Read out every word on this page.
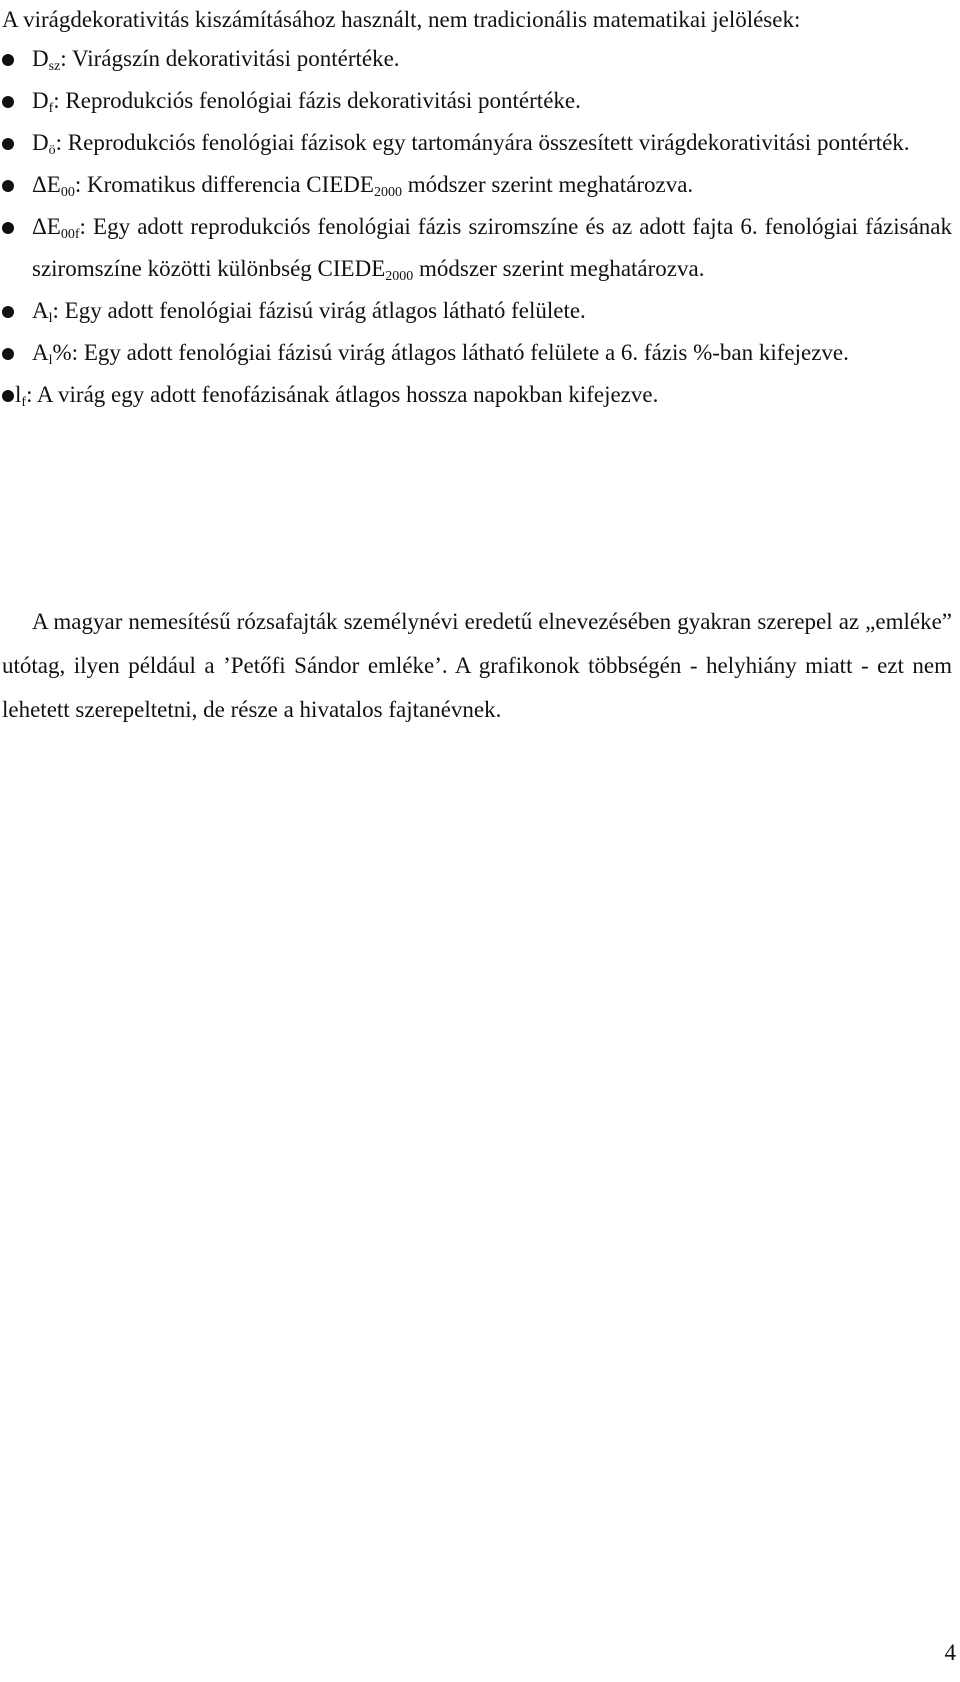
A virágdekorativitás kiszámításához használt, nem tradicionális matematikai jelölések:
$D_{sz}$: Virágszín dekorativitási pontértéke.
$D_f$: Reprodukciós fenológiai fázis dekorativitási pontértéke.
$D_ö$: Reprodukciós fenológiai fázisok egy tartományára összesített virágdekorativitási pontérték.
$\Delta E_{00}$: Kromatikus differencia $CIEDE_{2000}$ módszer szerint meghatározva.
$\Delta E_{00f}$: Egy adott reprodukciós fenológiai fázis sziromszíne és az adott fajta 6. fenológiai fázisának sziromszíne közötti különbség $CIEDE_{2000}$ módszer szerint meghatározva.
$A_l$: Egy adott fenológiai fázisú virág átlagos látható felülete.
$A_l\%$: Egy adott fenológiai fázisú virág átlagos látható felülete a 6. fázis %-ban kifejezve.
$l_f$: A virág egy adott fenofázisának átlagos hossza napokban kifejezve.

A magyar nemesítésű rózsafajták személynévi eredetű elnevezésében gyakran szerepel az „emléke” utótag, ilyen például a ’Petőfi Sándor emléke’. A grafikonok többségén - helyhiány miatt - ezt nem lehetett szerepeltetni, de része a hivatalos fajtanévnek.

4
